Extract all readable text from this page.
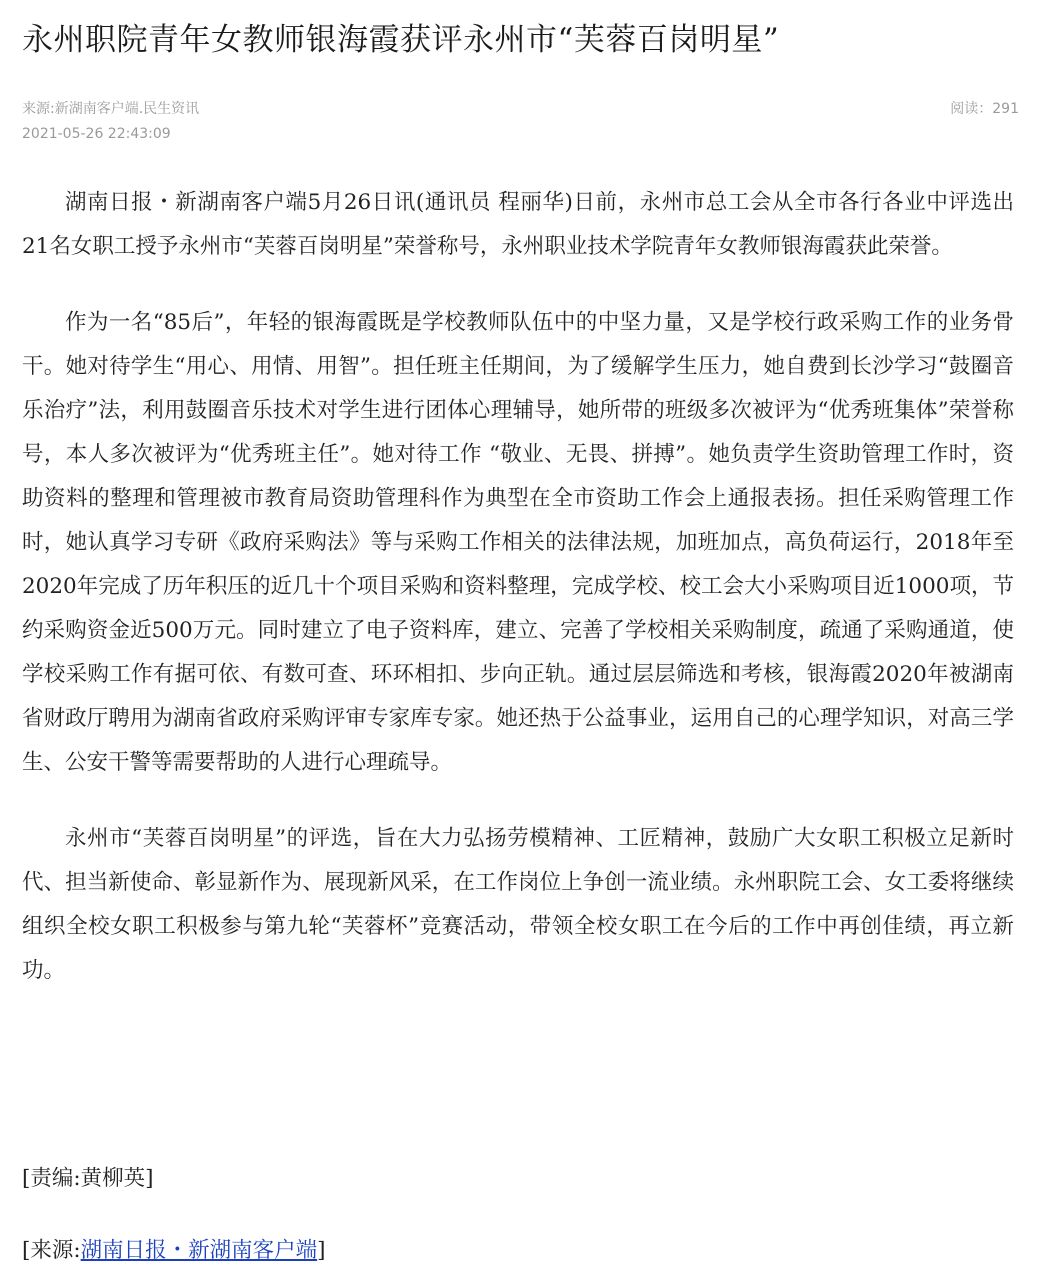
永州职院青年女教师银海霞获评永州市“芙蓉百岗明星”
来源:新湖南客户端.民生资讯	阅读：291
2021-05-26 22:43:09

湖南日报・新湖南客户端5月26日讯(通讯员 程丽华)日前，永州市总工会从全市各行各业中评选出21名女职工授予永州市“芙蓉百岗明星”荣誉称号，永州职业技术学院青年女教师银海霞获此荣誉。

作为一名“85后”，年轻的银海霞既是学校教师队伍中的中坚力量，又是学校行政采购工作的业务骨干。她对待学生“用心、用情、用智”。担任班主任期间，为了缓解学生压力，她自费到长沙学习“鼓圈音乐治疗”法，利用鼓圈音乐技术对学生进行团体心理辅导，她所带的班级多次被评为“优秀班集体”荣誉称号，本人多次被评为“优秀班主任”。她对待工作 “敬业、无畏、拼搏”。她负责学生资助管理工作时，资助资料的整理和管理被市教育局资助管理科作为典型在全市资助工作会上通报表扬。担任采购管理工作时，她认真学习专研《政府采购法》等与采购工作相关的法律法规，加班加点，高负荷运行，2018年至2020年完成了历年积压的近几十个项目采购和资料整理，完成学校、校工会大小采购项目近1000项，节约采购资金近500万元。同时建立了电子资料库，建立、完善了学校相关采购制度，疏通了采购通道，使学校采购工作有据可依、有数可查、环环相扣、步向正轨。通过层层筛选和考核，银海霞2020年被湖南省财政厅聘用为湖南省政府采购评审专家库专家。她还热于公益事业，运用自己的心理学知识，对高三学生、公安干警等需要帮助的人进行心理疏导。

永州市“芙蓉百岗明星”的评选，旨在大力弘扬劳模精神、工匠精神，鼓励广大女职工积极立足新时代、担当新使命、彰显新作为、展现新风采，在工作岗位上争创一流业绩。永州职院工会、女工委将继续组织全校女职工积极参与第九轮“芙蓉杯”竞赛活动，带领全校女职工在今后的工作中再创佳绩，再立新功。

[责编:黄柳英]
[来源:湖南日报・新湖南客户端]
